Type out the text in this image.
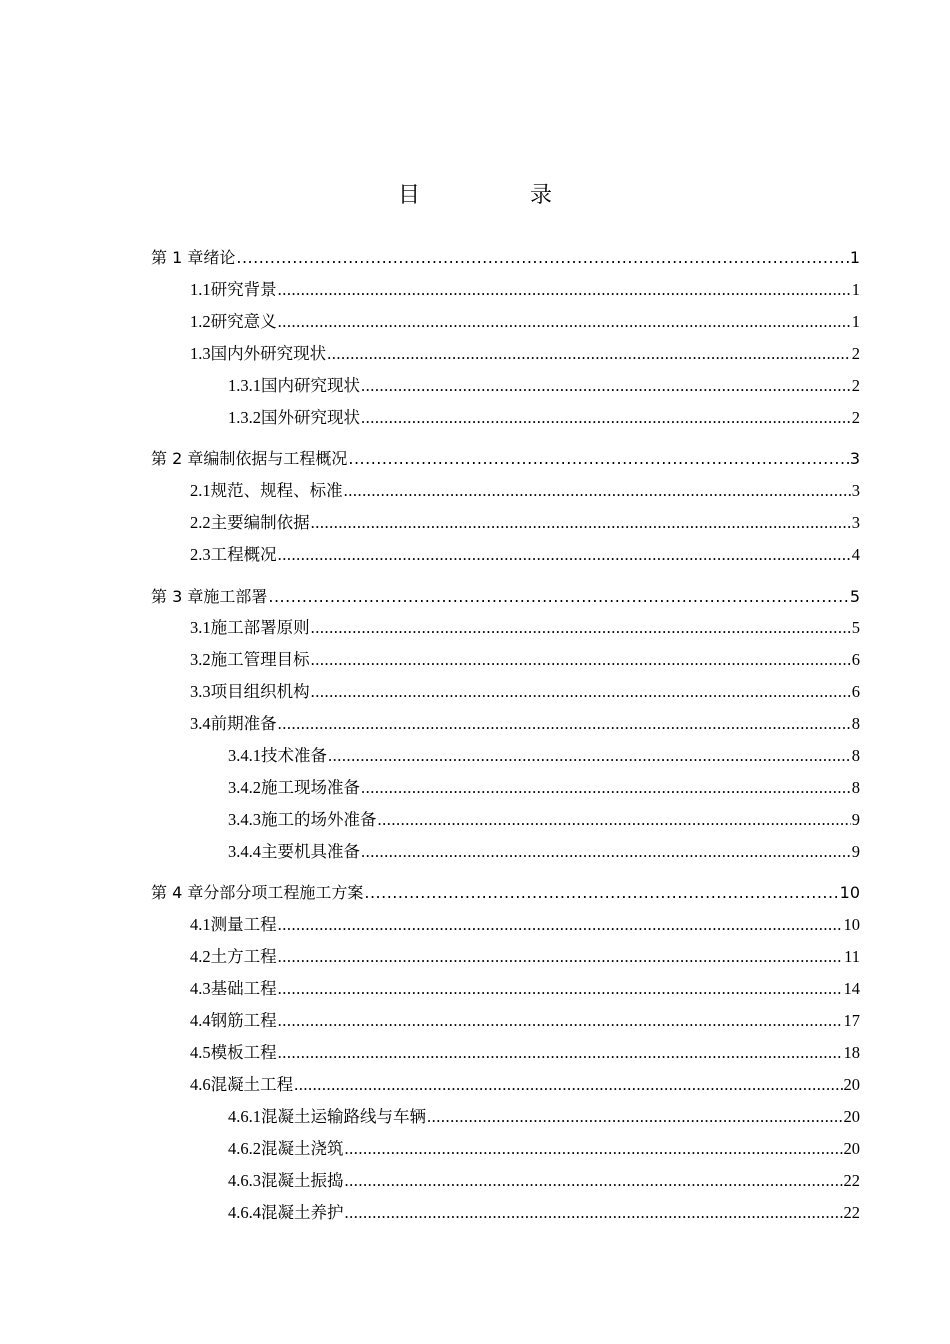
目　录
第 1 章 绪论 .....	1
1.1 研究背景 .....	1
1.2 研究意义 .....	1
1.3 国内外研究现状 .....	2
1.3.1 国内研究现状 .....	2
1.3.2 国外研究现状 .....	2
第 2 章 编制依据与工程概况 .....	3
2.1 规范、规程、标准 .....	3
2.2 主要编制依据 .....	3
2.3 工程概况 .....	4
第 3 章 施工部署 .....	5
3.1 施工部署原则 .....	5
3.2 施工管理目标 .....	6
3.3 项目组织机构 .....	6
3.4 前期准备 .....	8
3.4.1 技术准备 .....	8
3.4.2 施工现场准备 .....	8
3.4.3 施工的场外准备 .....	9
3.4.4 主要机具准备 .....	9
第 4 章 分部分项工程施工方案 .....	10
4.1 测量工程 .....	10
4.2 土方工程 .....	11
4.3 基础工程 .....	14
4.4 钢筋工程 .....	17
4.5 模板工程 .....	18
4.6 混凝土工程 .....	20
4.6.1 混凝土运输路线与车辆 .....	20
4.6.2 混凝土浇筑 .....	20
4.6.3 混凝土振捣 .....	22
4.6.4 混凝土养护 .....	22
